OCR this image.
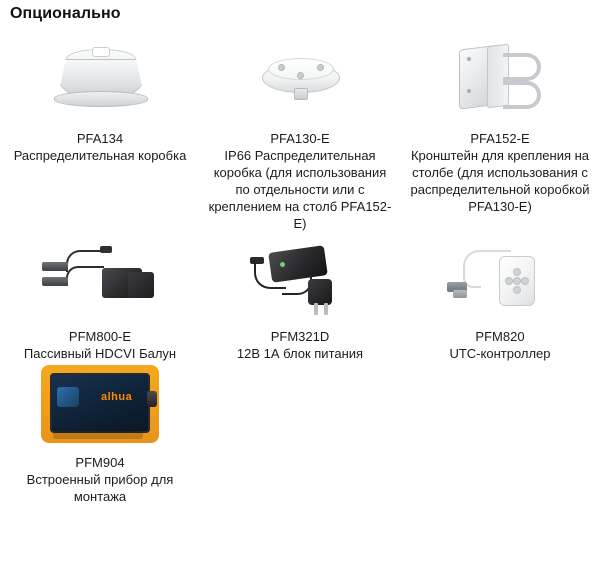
Опционально
PFA134
Распределительная коробка
PFA130-E
IP66 Распределительная коробка (для использования по отдельности или с креплением на столб PFA152-E)
PFA152-E
Кронштейн для крепления на столбе (для использования с распределительной коробкой PFA130-E)
PFM800-E
Пассивный HDCVI Балун
PFM321D
12В 1А блок питания
PFM820
UTC-контроллер
alhua
PFM904
Встроенный прибор для монтажа
